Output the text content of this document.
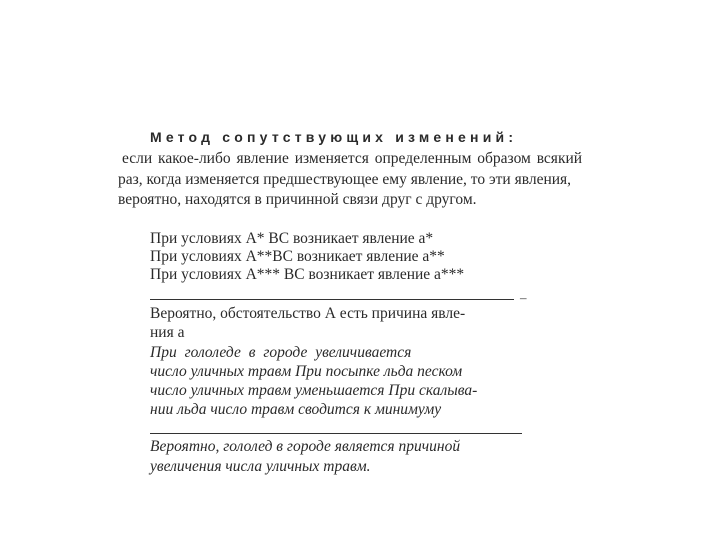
Метод сопутствующих изменений:
если какое-либо явление изменяется определенным образом всякий
раз, когда изменяется предшествующее ему явление, то эти явления,
вероятно, находятся в причинной связи друг с другом.
При условиях А* ВС возникает явление а*
При условиях А**ВС возникает явление а**
При условиях А*** ВС возникает явление а***
–
Вероятно, обстоятельство А есть причина явле-
ния а
При гололеде в городе увеличивается
число уличных травм При посыпке льда песком
число уличных травм уменьшается При скалыва-
нии льда число травм сводится к минимуму
Вероятно, гололед в городе является причиной
увеличения числа уличных травм.
